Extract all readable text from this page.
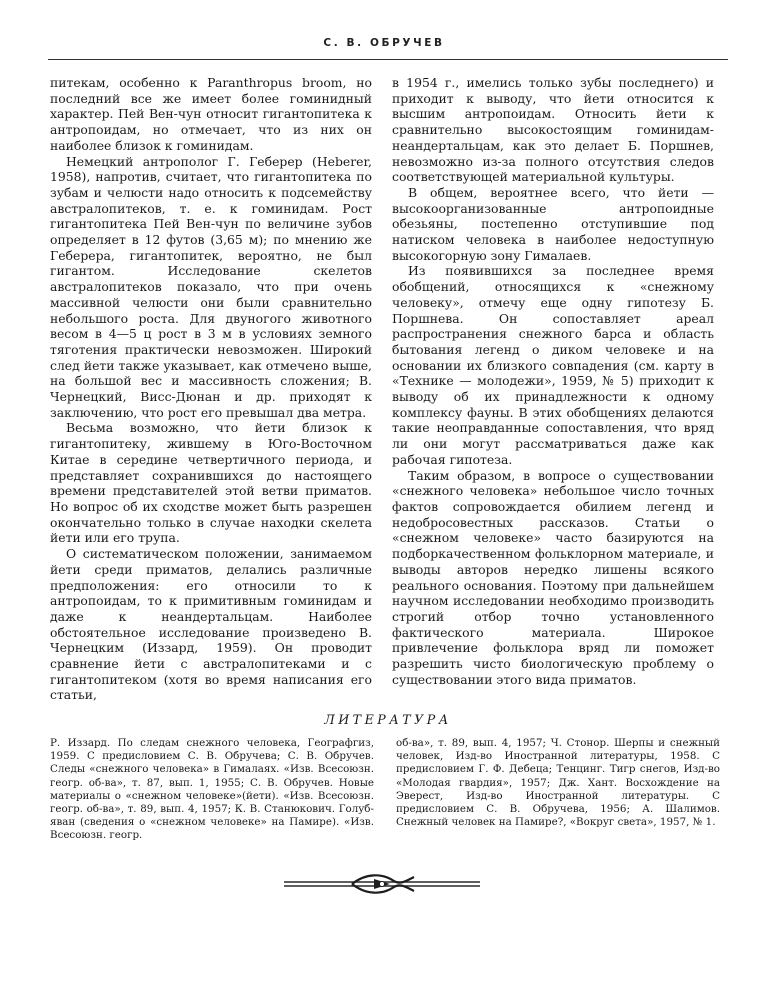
С. В. ОБРУЧЕВ

питекам, особенно к Paranthropus broom, но последний все же имеет более гоминидный характер. Пей Вен-чун относит гигантопитека к антропоидам, но отмечает, что из них он наиболее близок к гоминидам.

Немецкий антрополог Г. Геберер (Heberer, 1958), напротив, считает, что гигантопитека по зубам и челюсти надо относить к подсемейству австралопитеков, т. е. к гоминидам. Рост гигантопитека Пей Вен-чун по величине зубов определяет в 12 футов (3,65 м); по мнению же Геберера, гигантопитек, вероятно, не был гигантом. Исследование скелетов австралопитеков показало, что при очень массивной челюсти они были сравнительно небольшого роста. Для двуногого животного весом в 4—5 ц рост в 3 м в условиях земного тяготения практически невозможен. Широкий след йети также указывает, как отмечено выше, на большой вес и массивность сложения; В. Чернецкий, Висс-Дюнан и др. приходят к заключению, что рост его превышал два метра.

Весьма возможно, что йети близок к гигантопитеку, жившему в Юго-Восточном Китае в середине четвертичного периода, и представляет сохранившихся до настоящего времени представителей этой ветви приматов. Но вопрос об их сходстве может быть разрешен окончательно только в случае находки скелета йети или его трупа.

О систематическом положении, занимаемом йети среди приматов, делались различные предположения: его относили то к антропоидам, то к примитивным гоминидам и даже к неандертальцам. Наиболее обстоятельное исследование произведено В. Чернецким (Иззард, 1959). Он проводит сравнение йети с австралопитеками и с гигантопитеком (хотя во время написания его статьи,

в 1954 г., имелись только зубы последнего) и приходит к выводу, что йети относится к высшим антропоидам. Относить йети к сравнительно высокостоящим гоминидам-неандертальцам, как это делает Б. Поршнев, невозможно из-за полного отсутствия следов соответствующей материальной культуры.

В общем, вероятнее всего, что йети — высокоорганизованные антропоидные обезьяны, постепенно отступившие под натиском человека в наиболее недоступную высокогорную зону Гималаев.

Из появившихся за последнее время обобщений, относящихся к «снежному человеку», отмечу еще одну гипотезу Б. Поршнева. Он сопоставляет ареал распространения снежного барса и область бытования легенд о диком человеке и на основании их близкого совпадения (см. карту в «Технике — молодежи», 1959, № 5) приходит к выводу об их принадлежности к одному комплексу фауны. В этих обобщениях делаются такие неоправданные сопоставления, что вряд ли они могут рассматриваться даже как рабочая гипотеза.

Таким образом, в вопросе о существовании «снежного человека» небольшое число точных фактов сопровождается обилием легенд и недобросовестных рассказов. Статьи о «снежном человеке» часто базируются на подборкачественном фольклорном материале, и выводы авторов нередко лишены всякого реального основания. Поэтому при дальнейшем научном исследовании необходимо производить строгий отбор точно установленного фактического материала. Широкое привлечение фольклора вряд ли поможет разрешить чисто биологическую проблему о существовании этого вида приматов.

ЛИТЕРАТУРА

Р. Иззард. По следам снежного человека, Географгиз, 1959. С предисловием С. В. Обручева; С. В. Обручев. Следы «снежного человека» в Гималаях. «Изв. Всесоюзн. геогр. об-ва», т. 87, вып. 1, 1955; С. В. Обручев. Новые материалы о «снежном человеке»(йети). «Изв. Всесоюзн. геогр. об-ва», т. 89, вып. 4, 1957; К. В. Станюкович. Голуб-яван (сведения о «снежном человеке» на Памире). «Изв. Всесоюзн. геогр.

об-ва», т. 89, вып. 4, 1957; Ч. Стонор. Шерпы и снежный человек, Изд-во Иностранной литературы, 1958. С предисловием Г. Ф. Дебеца; Тенцинг. Тигр снегов, Изд-во «Молодая гвардия», 1957; Дж. Хант. Восхождение на Эверест, Изд-во Иностранной литературы. С предисловием С. В. Обручева, 1956; А. Шалимов. Снежный человек на Памире?, «Вокруг света», 1957, № 1.
